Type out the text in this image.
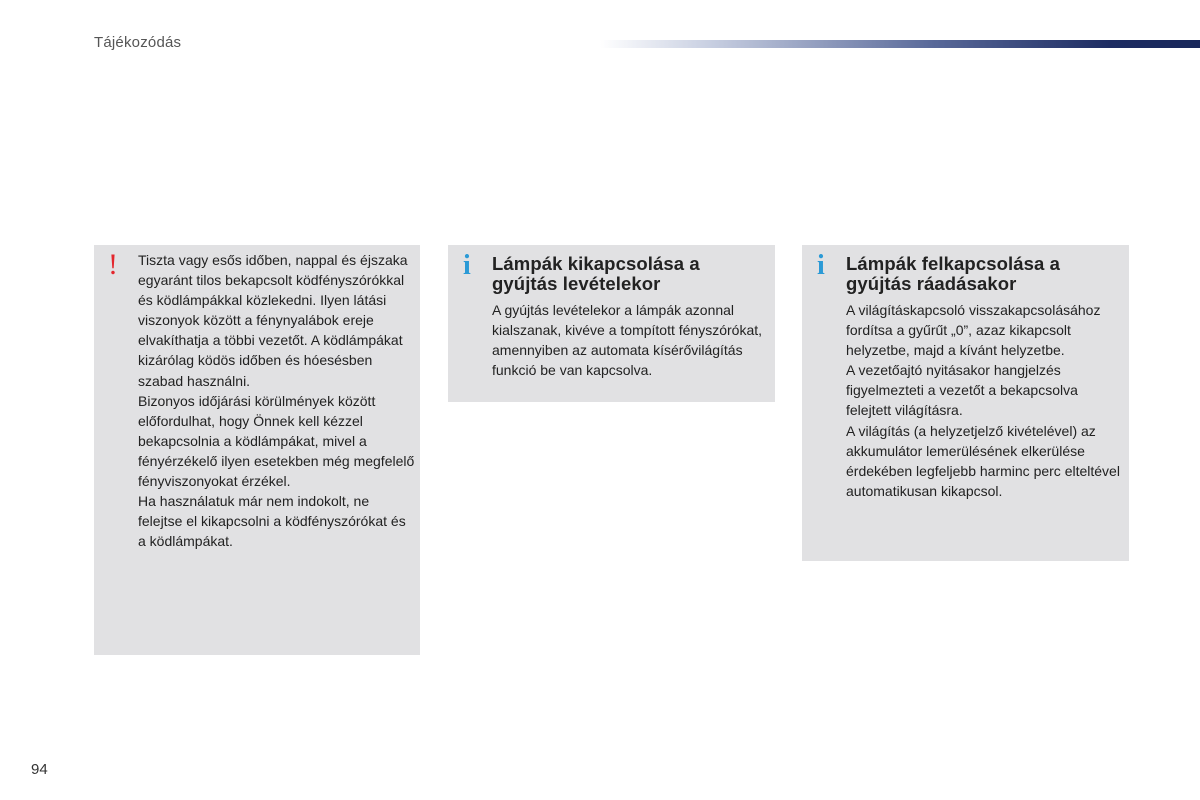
Tájékozódás
! Tiszta vagy esős időben, nappal és éjszaka egyaránt tilos bekapcsolt ködfényszórókkal és ködlámpákkal közlekedni. Ilyen látási viszonyok között a fénynyalábok ereje elvakíthatja a többi vezetőt. A ködlámpákat kizárólag ködös időben és hóesésben szabad használni.
Bizonyos időjárási körülmények között előfordulhat, hogy Önnek kell kézzel bekapcsolnia a ködlámpákat, mivel a fényérzékelő ilyen esetekben még megfelelő fényviszonyokat érzékel.
Ha használatuk már nem indokolt, ne felejtse el kikapcsolni a ködfényszórókat és a ködlámpákat.
i Lámpák kikapcsolása a gyújtás levételekor
A gyújtás levételekor a lámpák azonnal kialszanak, kivéve a tompított fényszórókat, amennyiben az automata kísérővilágítás funkció be van kapcsolva.
i Lámpák felkapcsolása a gyújtás ráadásakor
A világításkapcsoló visszakapcsolásához fordítsa a gyűrűt „0”, azaz kikapcsolt helyzetbe, majd a kívánt helyzetbe.
A vezetőajtó nyitásakor hangjelzés figyelmezteti a vezetőt a bekapcsolva felejtett világításra.
A világítás (a helyzetjelző kivételével) az akkumulátor lemerülésének elkerülése érdekében legfeljebb harminc perc elteltével automatikusan kikapcsol.
94
